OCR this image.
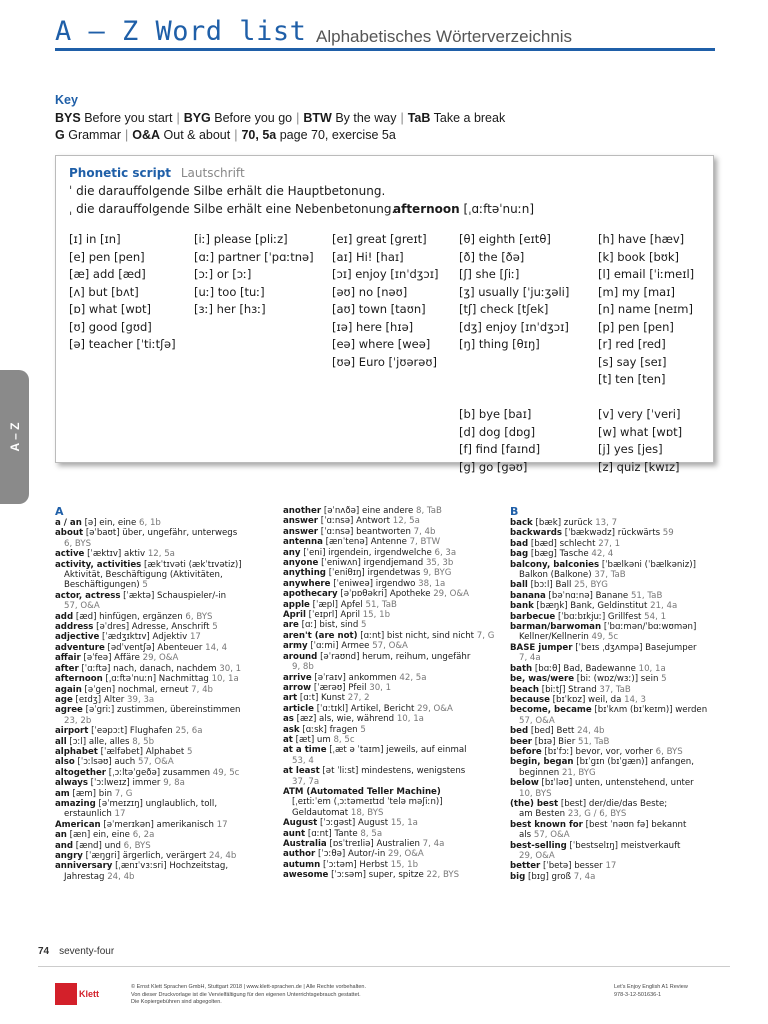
A – Z Word list Alphabetisches Wörterverzeichnis
Key
BYS Before you start | BYG Before you go | BTW By the way | TaB Take a break
G Grammar | O&A Out & about | 70, 5a page 70, exercise 5a
Phonetic script Lautschrift
ˈ die darauffolgende Silbe erhält die Hauptbetonung.
ˌ die darauffolgende Silbe erhält eine Nebenbetonung.
afternoon [ˌɑːftəˈnuːn]
[ɪ] in [ɪn]
[e] pen [pen]
[æ] add [æd]
[ʌ] but [bʌt]
[ɒ] what [wɒt]
[ʊ] good [gʊd]
[ə] teacher [ˈtiːtʃə]
[iː] please [pliːz]
[ɑː] partner [ˈpɑːtnə]
[ɔː] or [ɔː]
[uː] too [tuː]
[ɜː] her [hɜː]
[eɪ] great [greɪt]
[aɪ] Hi! [haɪ]
[ɔɪ] enjoy [ɪnˈdʒɔɪ]
[əʊ] no [nəʊ]
[aʊ] town [taʊn]
[ɪə] here [hɪə]
[eə] where [weə]
[ʊə] Euro [ˈjʊərəʊ]
[θ] eighth [eɪtθ]
[ð] the [ðə]
[ʃ] she [ʃiː]
[ʒ] usually [ˈjuːʒəli]
[tʃ] check [tʃek]
[dʒ] enjoy [ɪnˈdʒɔɪ]
[ŋ] thing [θɪŋ]

[b] bye [baɪ]
[d] dog [dɒg]
[f] find [faɪnd]
[g] go [gəʊ]
[h] have [hæv]
[k] book [bʊk]
[l] email [ˈiːmeɪl]
[m] my [maɪ]
[n] name [neɪm]
[p] pen [pen]
[r] red [red]
[s] say [seɪ]
[t] ten [ten]

[v] very [ˈveri]
[w] what [wɒt]
[j] yes [jes]
[z] quiz [kwɪz]
A – Z
A
a / an [ə] ein, eine 6, 1b
about [əˈbaʊt] über, ungefähr, unterwegs
6, BYS
active [ˈæktɪv] aktiv 12, 5a
activity, activities [ækˈtɪvəti (ækˈtɪvətiz)]
Aktivität, Beschäftigung (Aktivitäten,
Beschäftigungen) 5
actor, actress [ˈæktə] Schauspieler/-in
57, O&A
add [æd] hinfügen, ergänzen 6, BYS
address [əˈdres] Adresse, Anschrift 5
adjective [ˈædʒɪktɪv] Adjektiv 17
adventure [ədˈventʃə] Abenteuer 14, 4
affair [əˈfeə] Affäre 29, O&A
after [ˈɑːftə] nach, danach, nachdem 30, 1
afternoon [ˌɑːftəˈnuːn] Nachmittag 10, 1a
again [əˈgen] nochmal, erneut 7, 4b
age [eɪdʒ] Alter 39, 3a
agree [əˈgriː] zustimmen, übereinstimmen
23, 2b
airport [ˈeəpɔːt] Flughafen 25, 6a
all [ɔːl] alle, alles 8, 5b
alphabet [ˈælfəbet] Alphabet 5
also [ˈɔːlsəʊ] auch 57, O&A
altogether [ˌɔːltəˈgeðə] zusammen 49, 5c
always [ˈɔːlweɪz] immer 9, 8a
am [æm] bin 7, G
amazing [əˈmeɪzɪŋ] unglaublich, toll,
erstaunlich 17
American [əˈmerɪkən] amerikanisch 17
an [æn] ein, eine 6, 2a
and [ænd] und 6, BYS
angry [ˈæŋgri] ärgerlich, verärgert 24, 4b
anniversary [ˌænɪˈvɜːsri] Hochzeitstag,
Jahrestag 24, 4b
another [əˈnʌðə] eine andere 8, TaB
answer [ˈɑːnsə] Antwort 12, 5a
answer [ˈɑːnsə] beantworten 7, 4b
antenna [ænˈtenə] Antenne 7, BTW
any [ˈeni] irgendein, irgendwelche 6, 3a
anyone [ˈeniwʌn] irgendjemand 35, 3b
anything [ˈeniθɪŋ] irgendetwas 9, BYG
anywhere [ˈeniweə] irgendwo 38, 1a
apothecary [əˈpɒθəkri] Apotheke 29, O&A
apple [ˈæpl] Apfel 51, TaB
April [ˈeɪprl] April 15, 1b
are [ɑː] bist, sind 5
aren't (are not) [ɑːnt] bist nicht, sind nicht 7, G
army [ˈɑːmi] Armee 57, O&A
around [əˈraʊnd] herum, reihum, ungefähr
9, 8b
arrive [əˈraɪv] ankommen 42, 5a
arrow [ˈærəʊ] Pfeil 30, 1
art [ɑːt] Kunst 27, 2
article [ˈɑːtɪkl] Artikel, Bericht 29, O&A
as [æz] als, wie, während 10, 1a
ask [ɑːsk] fragen 5
at [æt] um 8, 5c
at a time [ˌæt ə ˈtaɪm] jeweils, auf einmal
53, 4
at least [ət ˈliːst] mindestens, wenigstens
37, 7a
ATM (Automated Teller Machine)
[ˌeɪtiːˈem (ˌɔːtəmeɪtɪd ˈtelə məʃiːn)]
Geldautomat 18, BYS
August [ˈɔːgəst] August 15, 1a
aunt [ɑːnt] Tante 8, 5a
Australia [ɒsˈtreɪliə] Australien 7, 4a
author [ˈɔːθə] Autor/-in 29, O&A
autumn [ˈɔːtəm] Herbst 15, 1b
awesome [ˈɔːsəm] super, spitze 22, BYS
B
back [bæk] zurück 13, 7
backwards [ˈbækwədz] rückwärts 59
bad [bæd] schlecht 27, 1
bag [bæg] Tasche 42, 4
balcony, balconies [ˈbælkəni (ˈbælkəniz)]
Balkon (Balkone) 37, TaB
ball [bɔːl] Ball 25, BYG
banana [bəˈnɑːnə] Banane 51, TaB
bank [bæŋk] Bank, Geldinstitut 21, 4a
barbecue [ˈbɑːbɪkjuː] Grillfest 54, 1
barman/barwoman [ˈbɑːmən/ˈbɑːwʊmən]
Kellner/Kellnerin 49, 5c
BASE jumper [ˈbeɪs ˌdʒʌmpə] Basejumper
7, 4a
bath [bɑːθ] Bad, Badewanne 10, 1a
be, was/were [biː (wɒz/wɜː)] sein 5
beach [biːtʃ] Strand 37, TaB
because [bɪˈkɒz] weil, da 14, 3
become, became [bɪˈkʌm (bɪˈkeɪm)] werden
57, O&A
bed [bed] Bett 24, 4b
beer [bɪə] Bier 51, TaB
before [bɪˈfɔː] bevor, vor, vorher 6, BYS
begin, began [bɪˈgɪn (bɪˈgæn)] anfangen,
beginnen 21, BYG
below [bɪˈləʊ] unten, untenstehend, unter
10, BYS
(the) best [best] der/die/das Beste;
am Besten 23, G / 6, BYS
best known for [best ˈnəʊn fə] bekannt
als 57, O&A
best-selling [ˈbestselɪŋ] meistverkauft
29, O&A
better [ˈbetə] besser 17
big [bɪg] groß 7, 4a
74 seventy-four
Klett
© Ernst Klett Sprachen GmbH, Stuttgart 2018 | www.klett-sprachen.de | Alle Rechte vorbehalten.
Von dieser Druckvorlage ist die Vervielfältigung für den eigenen Unterrichtsgebrauch gestattet.
Die Kopiergebühren sind abgegolten.
Let's Enjoy English A1 Review
978-3-12-501636-1
